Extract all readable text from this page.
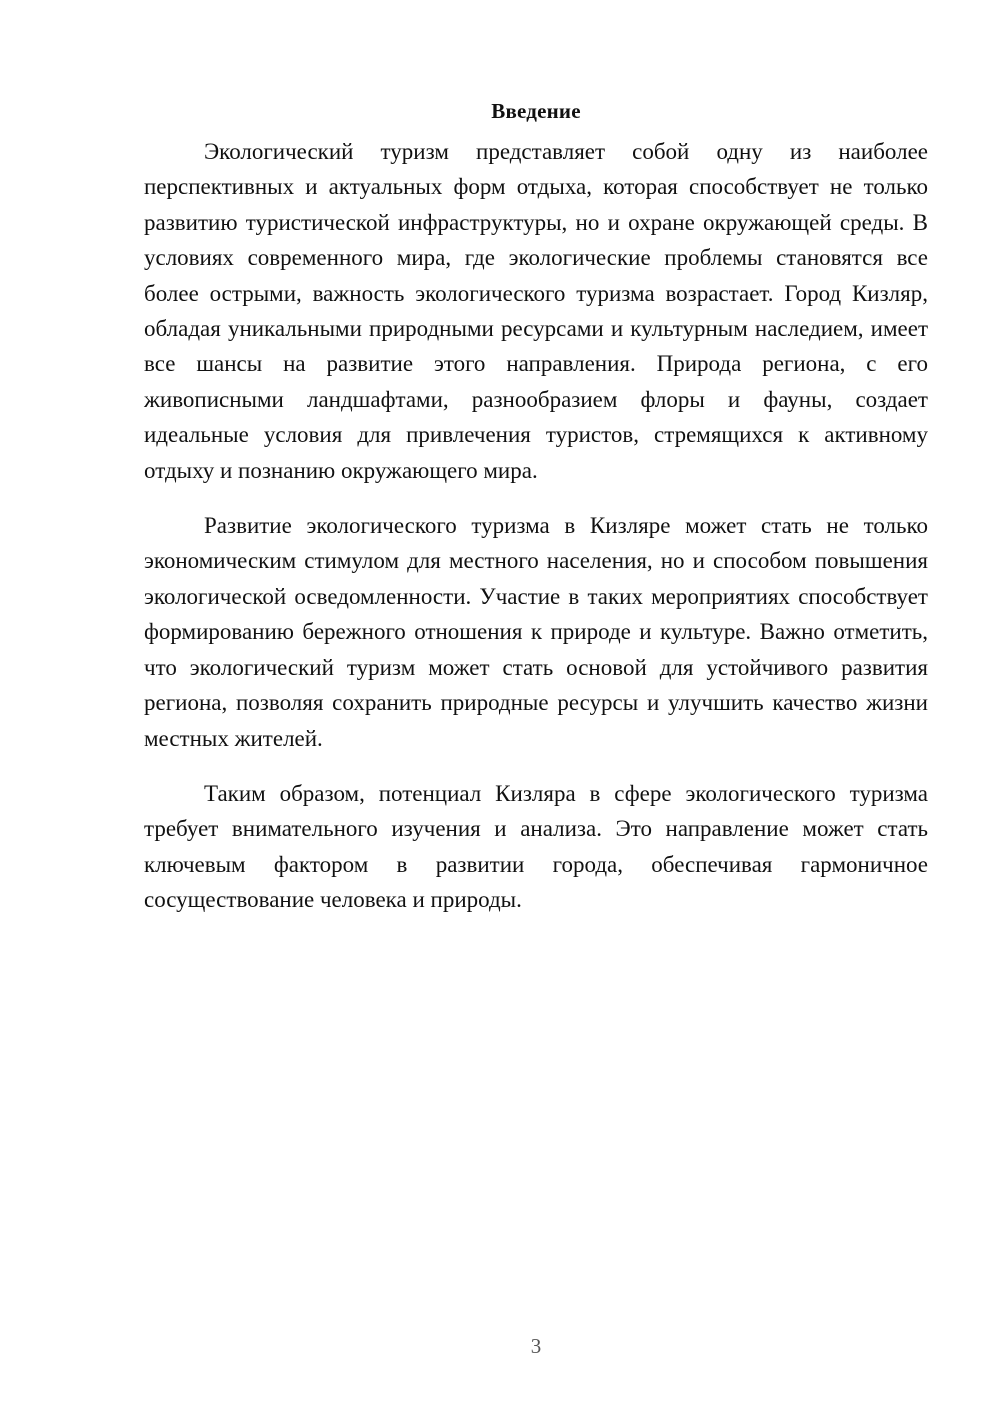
Введение

Экологический туризм представляет собой одну из наиболее перспективных и актуальных форм отдыха, которая способствует не только развитию туристической инфраструктуры, но и охране окружающей среды. В условиях современного мира, где экологические проблемы становятся все более острыми, важность экологического туризма возрастает. Город Кизляр, обладая уникальными природными ресурсами и культурным наследием, имеет все шансы на развитие этого направления. Природа региона, с его живописными ландшафтами, разнообразием флоры и фауны, создает идеальные условия для привлечения туристов, стремящихся к активному отдыху и познанию окружающего мира.

Развитие экологического туризма в Кизляре может стать не только экономическим стимулом для местного населения, но и способом повышения экологической осведомленности. Участие в таких мероприятиях способствует формированию бережного отношения к природе и культуре. Важно отметить, что экологический туризм может стать основой для устойчивого развития региона, позволяя сохранить природные ресурсы и улучшить качество жизни местных жителей.

Таким образом, потенциал Кизляра в сфере экологического туризма требует внимательного изучения и анализа. Это направление может стать ключевым фактором в развитии города, обеспечивая гармоничное сосуществование человека и природы.

3
